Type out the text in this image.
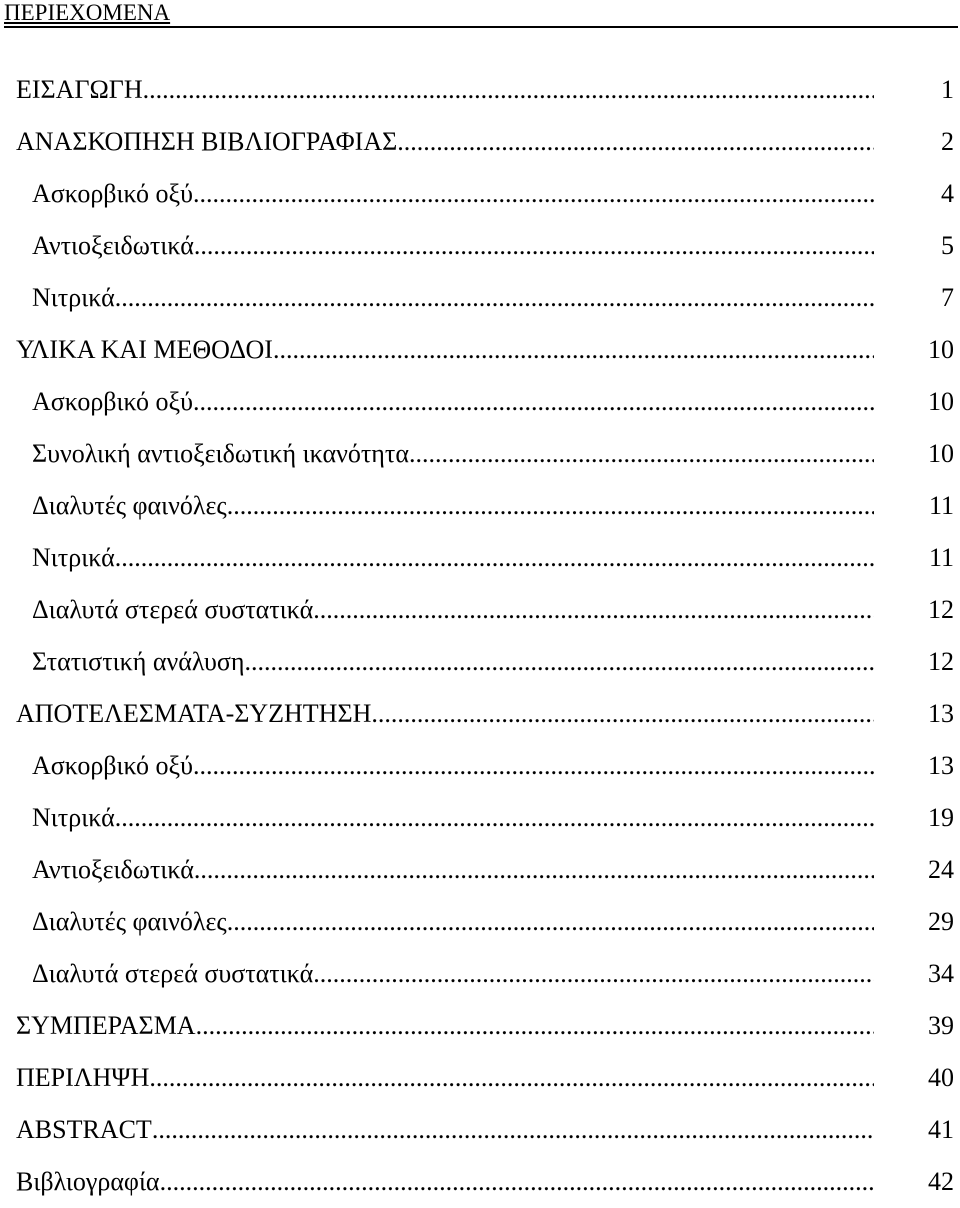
ΠΕΡΙΕΧΟΜΕΝΑ
ΕΙΣΑΓΩΓΗ .....	1
ΑΝΑΣΚΟΠΗΣΗ ΒΙΒΛΙΟΓΡΑΦΙΑΣ .....	2
Ασκορβικό οξύ .....	4
Αντιοξειδωτικά .....	5
Νιτρικά .....	7
ΥΛΙΚΑ ΚΑΙ ΜΕΘΟΔΟΙ .....	10
Ασκορβικό οξύ .....	10
Συνολική αντιοξειδωτική ικανότητα .....	10
Διαλυτές φαινόλες .....	11
Νιτρικά .....	11
Διαλυτά στερεά συστατικά .....	12
Στατιστική ανάλυση .....	12
ΑΠΟΤΕΛΕΣΜΑΤΑ-ΣΥΖΗΤΗΣΗ .....	13
Ασκορβικό οξύ .....	13
Νιτρικά .....	19
Αντιοξειδωτικά .....	24
Διαλυτές φαινόλες .....	29
Διαλυτά στερεά συστατικά .....	34
ΣΥΜΠΕΡΑΣΜΑ .....	39
ΠΕΡΙΛΗΨΗ .....	40
ABSTRACT .....	41
Βιβλιογραφία .....	42
